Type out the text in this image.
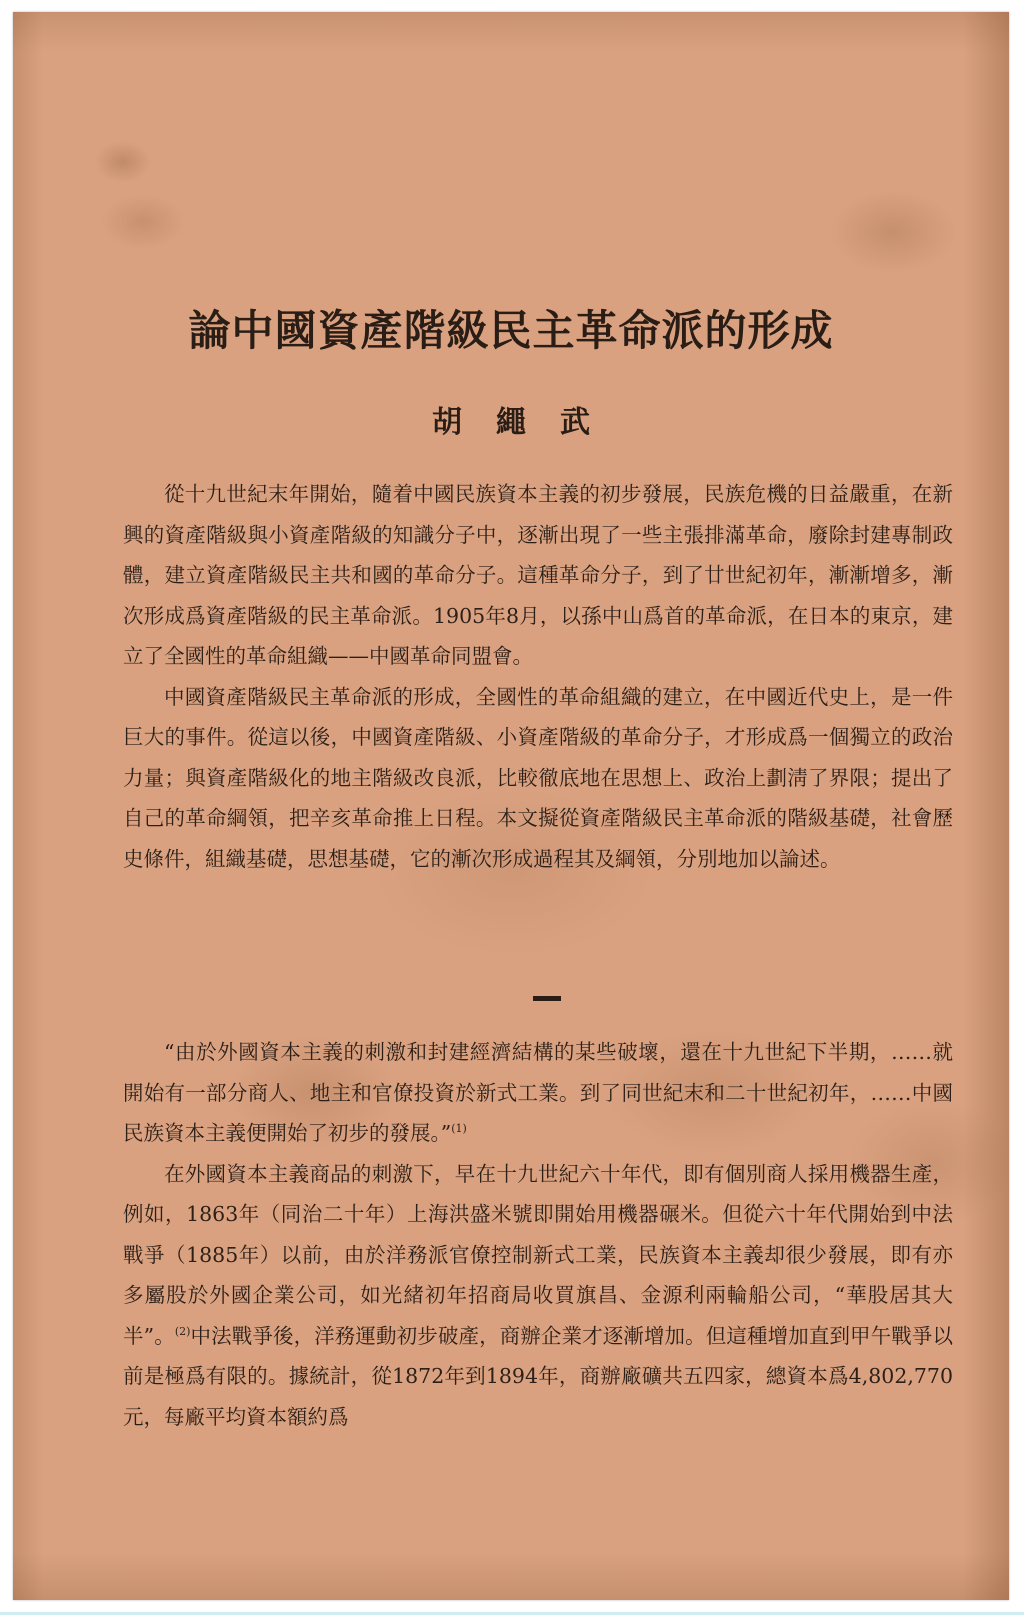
論中國資產階級民主革命派的形成
胡繩武

從十九世紀末年開始，隨着中國民族資本主義的初步發展，民族危機的日益嚴重，在新興的資產階級與小資產階級的知識分子中，逐漸出現了一些主張排滿革命，廢除封建專制政體，建立資產階級民主共和國的革命分子。這種革命分子，到了廿世紀初年，漸漸增多，漸次形成爲資產階級的民主革命派。1905年8月，以孫中山爲首的革命派，在日本的東京，建立了全國性的革命組織——中國革命同盟會。

中國資產階級民主革命派的形成，全國性的革命組織的建立，在中國近代史上，是一件巨大的事件。從這以後，中國資產階級、小資產階級的革命分子，才形成爲一個獨立的政治力量；與資產階級化的地主階級改良派，比較徹底地在思想上、政治上劃淸了界限；提出了自己的革命綱領，把辛亥革命推上日程。本文擬從資產階級民主革命派的階級基礎，社會歷史條件，組織基礎，思想基礎，它的漸次形成過程其及綱領，分別地加以論述。

“由於外國資本主義的刺激和封建經濟結構的某些破壞，還在十九世紀下半期，……就開始有一部分商人、地主和官僚投資於新式工業。到了同世紀末和二十世紀初年，……中國民族資本主義便開始了初步的發展。”$^{(1)}$

在外國資本主義商品的刺激下，早在十九世紀六十年代，即有個別商人採用機器生產，例如，1863年（同治二十年）上海洪盛米號即開始用機器碾米。但從六十年代開始到中法戰爭（1885年）以前，由於洋務派官僚控制新式工業，民族資本主義却很少發展，即有亦多屬股於外國企業公司，如光緒初年招商局收買旗昌、金源利兩輪船公司，“華股居其大半”。$^{(2)}$中法戰爭後，洋務運動初步破產，商辦企業才逐漸增加。但這種增加直到甲午戰爭以前是極爲有限的。據統計，從1872年到1894年，商辦廠礦共五四家，總資本爲4,802,770元，每廠平均資本額約爲
